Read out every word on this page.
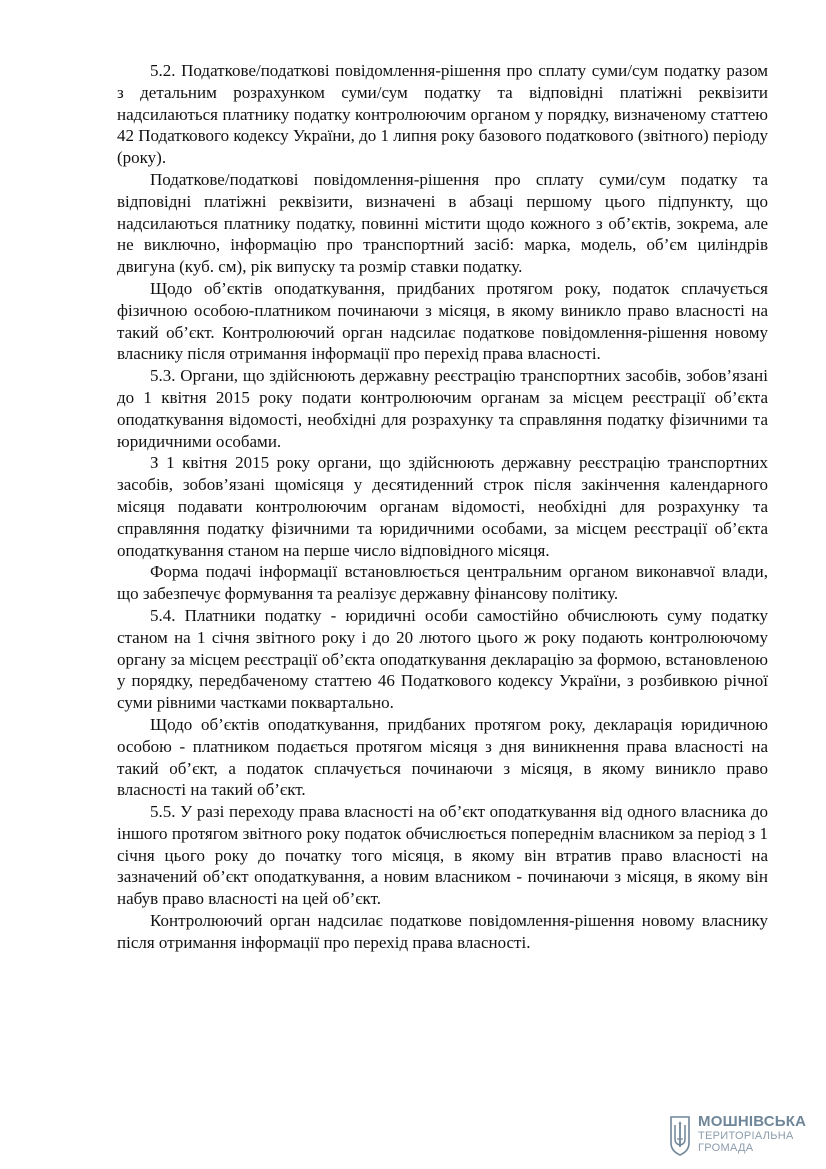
5.2. Податкове/податкові повідомлення-рішення про сплату суми/сум податку разом з детальним розрахунком суми/сум податку та відповідні платіжні реквізити надсилаються платнику податку контролюючим органом у порядку, визначеному статтею 42 Податкового кодексу України, до 1 липня року базового податкового (звітного) періоду (року).

Податкове/податкові повідомлення-рішення про сплату суми/сум податку та відповідні платіжні реквізити, визначені в абзаці першому цього підпункту, що надсилаються платнику податку, повинні містити щодо кожного з об’єктів, зокрема, але не виключно, інформацію про транспортний засіб: марка, модель, об’єм циліндрів двигуна (куб. см), рік випуску та розмір ставки податку.

Щодо об’єктів оподаткування, придбаних протягом року, податок сплачується фізичною особою-платником починаючи з місяця, в якому виникло право власності на такий об’єкт. Контролюючий орган надсилає податкове повідомлення-рішення новому власнику після отримання інформації про перехід права власності.

5.3. Органи, що здійснюють державну реєстрацію транспортних засобів, зобов’язані до 1 квітня 2015 року подати контролюючим органам за місцем реєстрації об’єкта оподаткування відомості, необхідні для розрахунку та справляння податку фізичними та юридичними особами.

З 1 квітня 2015 року органи, що здійснюють державну реєстрацію транспортних засобів, зобов’язані щомісяця у десятиденний строк після закінчення календарного місяця подавати контролюючим органам відомості, необхідні для розрахунку та справляння податку фізичними та юридичними особами, за місцем реєстрації об’єкта оподаткування станом на перше число відповідного місяця.

Форма подачі інформації встановлюється центральним органом виконавчої влади, що забезпечує формування та реалізує державну фінансову політику.

5.4. Платники податку - юридичні особи самостійно обчислюють суму податку станом на 1 січня звітного року і до 20 лютого цього ж року подають контролюючому органу за місцем реєстрації об’єкта оподаткування декларацію за формою, встановленою у порядку, передбаченому статтею 46 Податкового кодексу України, з розбивкою річної суми рівними частками поквартально.

Щодо об’єктів оподаткування, придбаних протягом року, декларація юридичною особою - платником подається протягом місяця з дня виникнення права власності на такий об’єкт, а податок сплачується починаючи з місяця, в якому виникло право власності на такий об’єкт.

5.5. У разі переходу права власності на об’єкт оподаткування від одного власника до іншого протягом звітного року податок обчислюється попереднім власником за період з 1 січня цього року до початку того місяця, в якому він втратив право власності на зазначений об’єкт оподаткування, а новим власником - починаючи з місяця, в якому він набув право власності на цей об’єкт.

Контролюючий орган надсилає податкове повідомлення-рішення новому власнику після отримання інформації про перехід права власності.

МОШНІВСЬКА
ТЕРИТОРІАЛЬНА
ГРОМАДА
